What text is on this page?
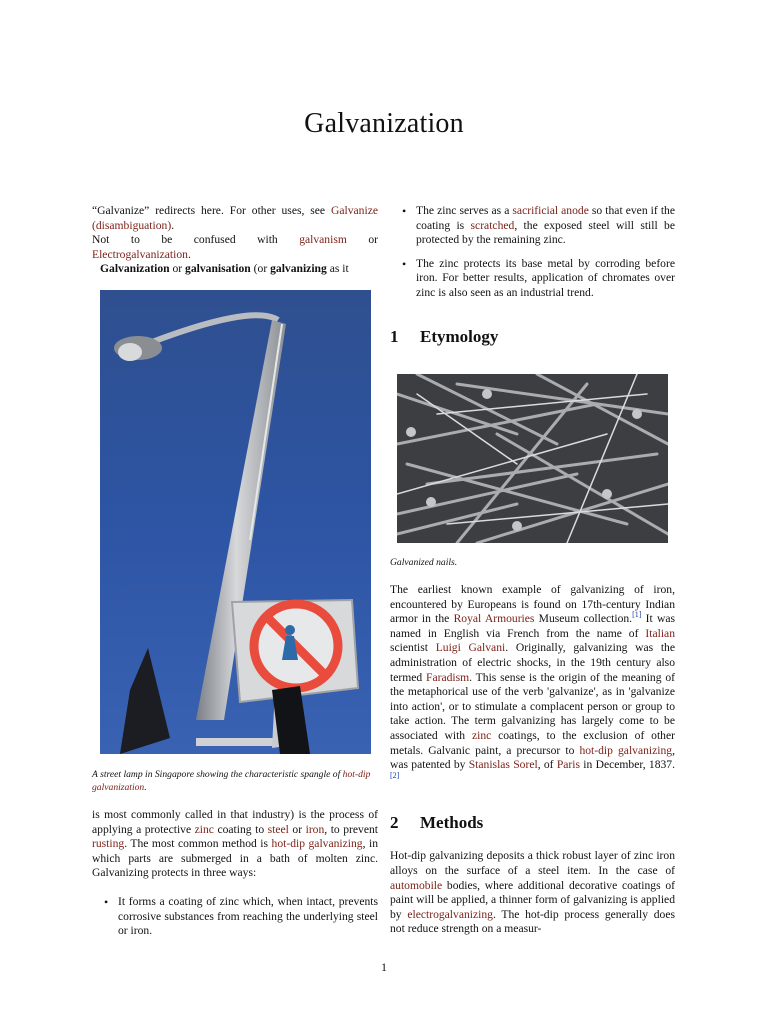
Galvanization

“Galvanize” redirects here. For other uses, see Galvanize (disambiguation).

Not to be confused with galvanism or

Electrogalvanization.

Galvanization or galvanisation (or galvanizing as it

A street lamp in Singapore showing the characteristic spangle of hot-dip galvanization.

is most commonly called in that industry) is the process of applying a protective zinc coating to steel or iron, to prevent rusting. The most common method is hot-dip galvanizing, in which parts are submerged in a bath of molten zinc. Galvanizing protects in three ways:

• It forms a coating of zinc which, when intact, prevents corrosive substances from reaching the underlying steel or iron.
• The zinc serves as a sacrificial anode so that even if the coating is scratched, the exposed steel will still be protected by the remaining zinc.
• The zinc protects its base metal by corroding before iron. For better results, application of chromates over zinc is also seen as an industrial trend.
1 Etymology

Galvanized nails.

The earliest known example of galvanizing of iron, encountered by Europeans is found on 17th-century Indian armor in the Royal Armouries Museum collection.[1] It was named in English via French from the name of Italian scientist Luigi Galvani. Originally, galvanizing was the administration of electric shocks, in the 19th century also termed Faradism. This sense is the origin of the meaning of the metaphorical use of the verb 'galvanize', as in 'galvanize into action', or to stimulate a complacent person or group to take action. The term galvanizing has largely come to be associated with zinc coatings, to the exclusion of other metals. Galvanic paint, a precursor to hot-dip galvanizing, was patented by Stanislas Sorel, of Paris in December, 1837.[2]

2 Methods

Hot-dip galvanizing deposits a thick robust layer of zinc iron alloys on the surface of a steel item. In the case of automobile bodies, where additional decorative coatings of paint will be applied, a thinner form of galvanizing is applied by electrogalvanizing. The hot-dip process generally does not reduce strength on a measur-

1
